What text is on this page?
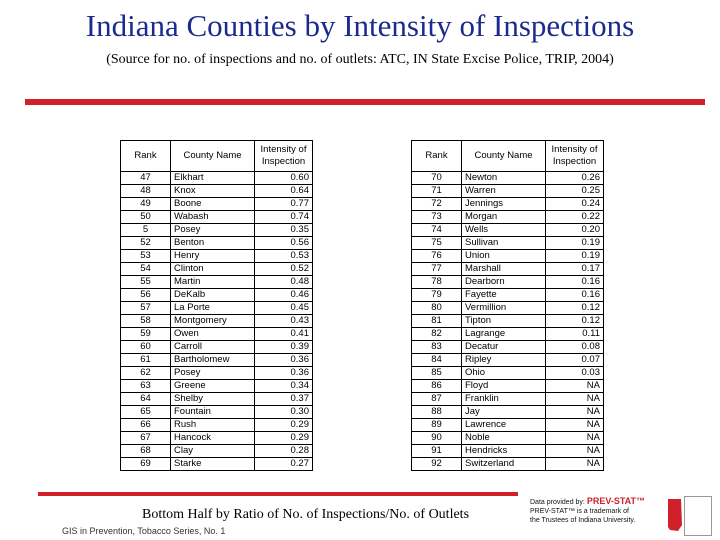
Indiana Counties by Intensity of Inspections
(Source for no. of inspections and no. of outlets: ATC, IN State Excise Police, TRIP, 2004)
Rank	County Name	Intensity of Inspection
47	Elkhart	0.60
48	Knox	0.64
49	Boone	0.77
50	Wabash	0.74
5	Posey	0.35
52	Benton	0.56
53	Henry	0.53
54	Clinton	0.52
55	Martin	0.48
56	DeKalb	0.46
57	La Porte	0.45
58	Montgomery	0.43
59	Owen	0.41
60	Carroll	0.39
61	Bartholomew	0.36
62	Posey	0.36
63	Greene	0.34
64	Shelby	0.37
65	Fountain	0.30
66	Rush	0.29
67	Hancock	0.29
68	Clay	0.28
69	Starke	0.27
Rank	County Name	Intensity of Inspection
70	Newton	0.26
71	Warren	0.25
72	Jennings	0.24
73	Morgan	0.22
74	Wells	0.20
75	Sullivan	0.19
76	Union	0.19
77	Marshall	0.17
78	Dearborn	0.16
79	Fayette	0.16
80	Vermillion	0.12
81	Tipton	0.12
82	Lagrange	0.11
83	Decatur	0.08
84	Ripley	0.07
85	Ohio	0.03
86	Floyd	NA
87	Franklin	NA
88	Jay	NA
89	Lawrence	NA
90	Noble	NA
91	Hendricks	NA
92	Switzerland	NA
Bottom Half by Ratio of No. of Inspections/No. of Outlets
GIS in Prevention, Tobacco Series, No. 1
Data provided by: PREV-STAT™
PREV-STAT™ is a trademark of
the Trustees of Indiana University.
